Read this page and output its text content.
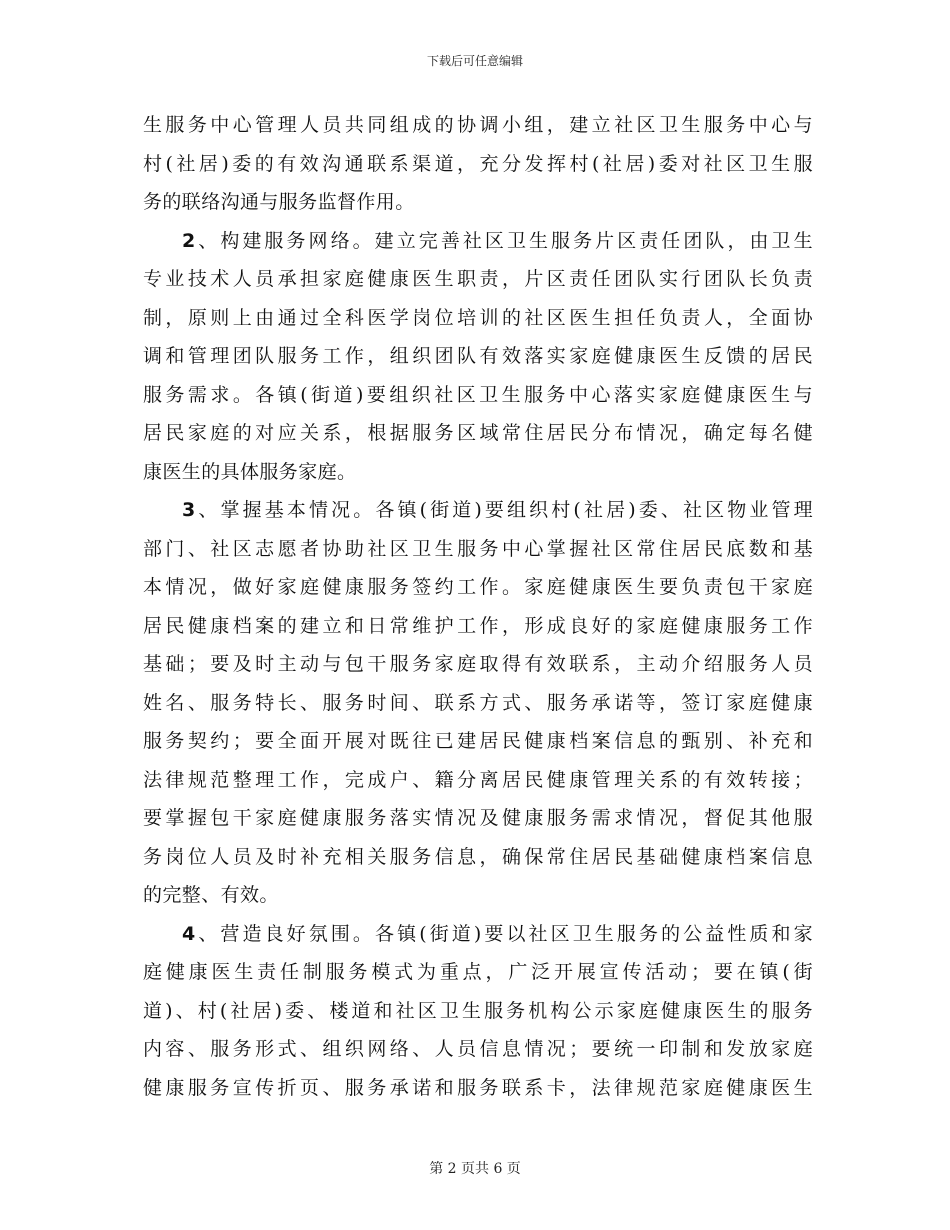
下载后可任意编辑
生服务中心管理人员共同组成的协调小组，建立社区卫生服务中心与
村(社居)委的有效沟通联系渠道，充分发挥村(社居)委对社区卫生服
务的联络沟通与服务监督作用。
2、构建服务网络。建立完善社区卫生服务片区责任团队，由卫生
专业技术人员承担家庭健康医生职责，片区责任团队实行团队长负责
制，原则上由通过全科医学岗位培训的社区医生担任负责人，全面协
调和管理团队服务工作，组织团队有效落实家庭健康医生反馈的居民
服务需求。各镇(街道)要组织社区卫生服务中心落实家庭健康医生与
居民家庭的对应关系，根据服务区域常住居民分布情况，确定每名健
康医生的具体服务家庭。
3、掌握基本情况。各镇(街道)要组织村(社居)委、社区物业管理
部门、社区志愿者协助社区卫生服务中心掌握社区常住居民底数和基
本情况，做好家庭健康服务签约工作。家庭健康医生要负责包干家庭
居民健康档案的建立和日常维护工作，形成良好的家庭健康服务工作
基础；要及时主动与包干服务家庭取得有效联系，主动介绍服务人员
姓名、服务特长、服务时间、联系方式、服务承诺等，签订家庭健康
服务契约；要全面开展对既往已建居民健康档案信息的甄别、补充和
法律规范整理工作，完成户、籍分离居民健康管理关系的有效转接；
要掌握包干家庭健康服务落实情况及健康服务需求情况，督促其他服
务岗位人员及时补充相关服务信息，确保常住居民基础健康档案信息
的完整、有效。
4、营造良好氛围。各镇(街道)要以社区卫生服务的公益性质和家
庭健康医生责任制服务模式为重点，广泛开展宣传活动；要在镇(街
道)、村(社居)委、楼道和社区卫生服务机构公示家庭健康医生的服务
内容、服务形式、组织网络、人员信息情况；要统一印制和发放家庭
健康服务宣传折页、服务承诺和服务联系卡，法律规范家庭健康医生
第 2 页共 6 页
